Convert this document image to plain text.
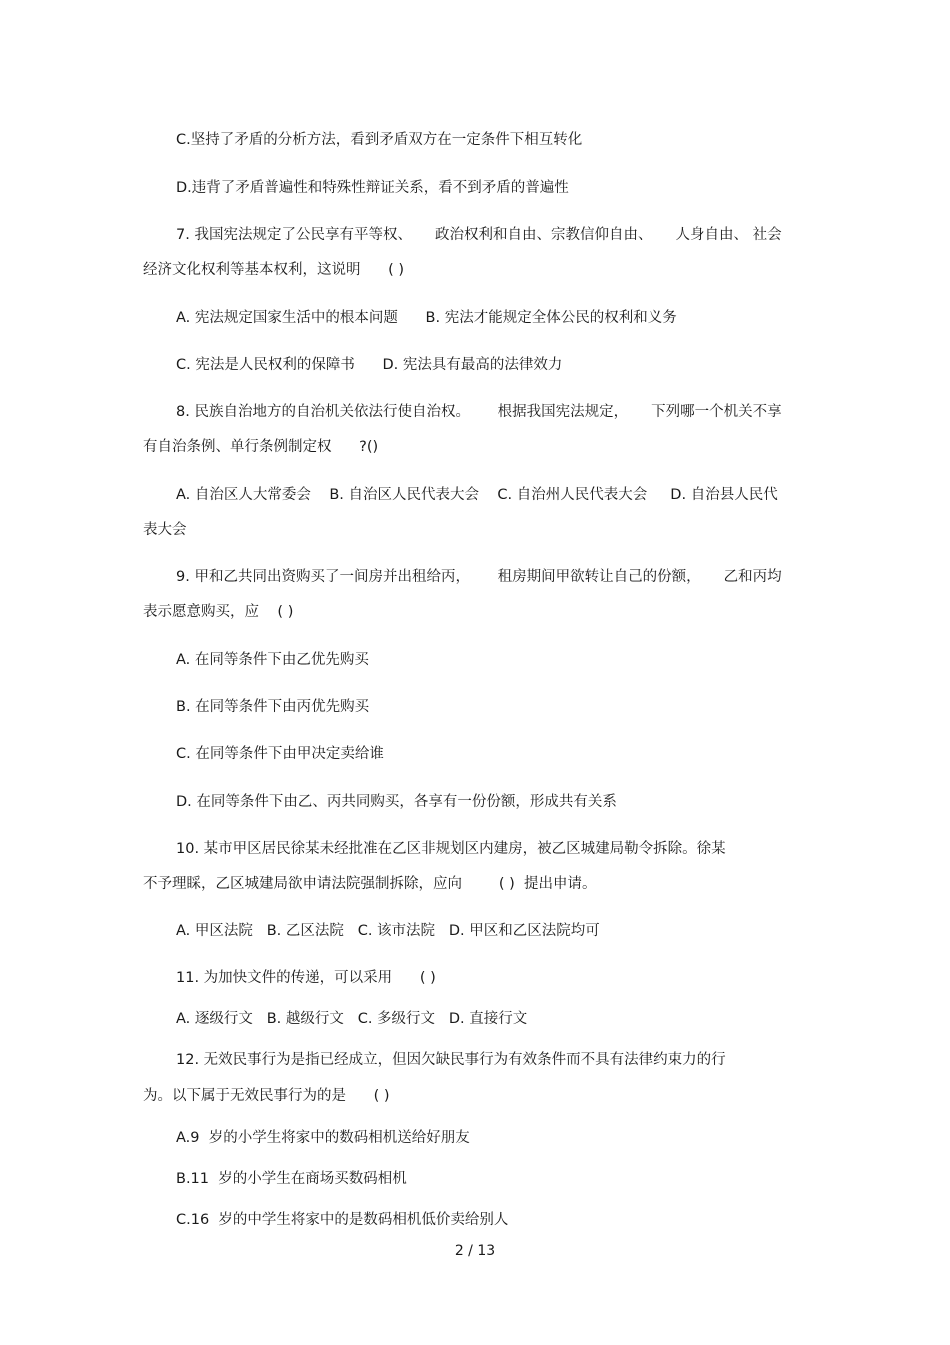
C.坚持了矛盾的分析方法，看到矛盾双方在一定条件下相互转化
D.违背了矛盾普遍性和特殊性辩证关系，看不到矛盾的普遍性
7. 我国宪法规定了公民享有平等权、     政治权利和自由、宗教信仰自由、     人身自由、 社会
经济文化权利等基本权利，这说明      ( )
A. 宪法规定国家生活中的根本问题      B. 宪法才能规定全体公民的权利和义务
C. 宪法是人民权利的保障书      D. 宪法具有最高的法律效力
8. 民族自治地方的自治机关依法行使自治权。      根据我国宪法规定，     下列哪一个机关不享
有自治条例、单行条例制定权      ?()
A. 自治区人大常委会    B. 自治区人民代表大会    C. 自治州人民代表大会     D. 自治县人民代
表大会
9. 甲和乙共同出资购买了一间房并出租给丙，      租房期间甲欲转让自己的份额，     乙和丙均
表示愿意购买，应    ( )
A. 在同等条件下由乙优先购买
B. 在同等条件下由丙优先购买
C. 在同等条件下由甲决定卖给谁
D. 在同等条件下由乙、丙共同购买，各享有一份份额，形成共有关系
10. 某市甲区居民徐某未经批准在乙区非规划区内建房，被乙区城建局勒令拆除。徐某
不予理睬，乙区城建局欲申请法院强制拆除，应向        ( )  提出申请。
A. 甲区法院   B. 乙区法院   C. 该市法院   D. 甲区和乙区法院均可
11. 为加快文件的传递，可以采用      ( )
A. 逐级行文   B. 越级行文   C. 多级行文   D. 直接行文
12. 无效民事行为是指已经成立，但因欠缺民事行为有效条件而不具有法律约束力的行
为。以下属于无效民事行为的是      ( )
A.9  岁的小学生将家中的数码相机送给好朋友
B.11  岁的小学生在商场买数码相机
C.16  岁的中学生将家中的是数码相机低价卖给别人
2 / 13
